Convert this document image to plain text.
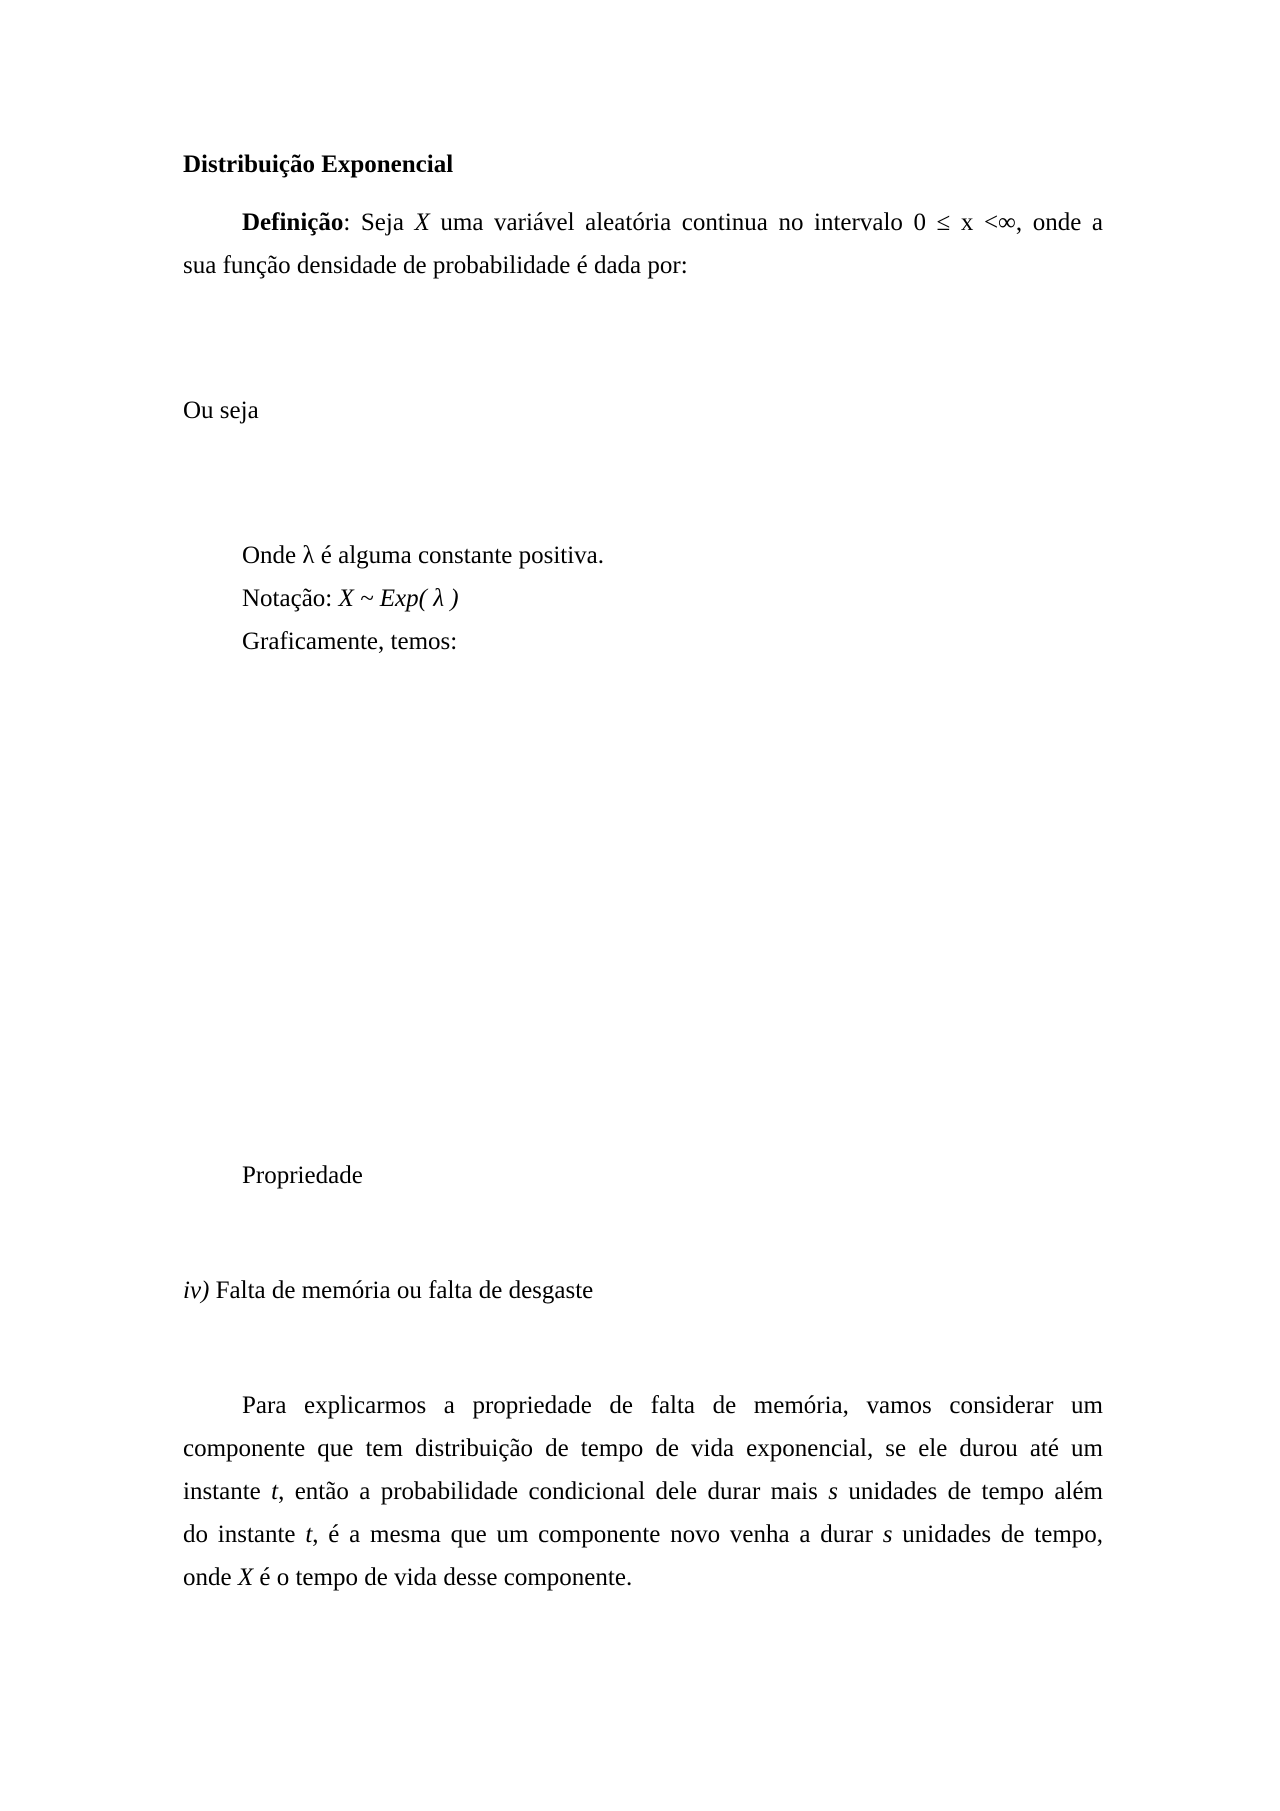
Distribuição Exponencial
Definição: Seja X uma variável aleatória continua no intervalo 0 ≤ x <∞, onde a
sua função densidade de probabilidade é dada por:
Ou seja
Onde λ é alguma constante positiva.
Notação: X ~ Exp( λ )
Graficamente, temos:
Propriedade
iv) Falta de memória ou falta de desgaste
Para explicarmos a propriedade de falta de memória, vamos considerar um
componente que tem distribuição de tempo de vida exponencial, se ele durou até um
instante t, então a probabilidade condicional dele durar mais s unidades de tempo além
do instante t, é a mesma que um componente novo venha a durar s unidades de tempo,
onde X é o tempo de vida desse componente.
